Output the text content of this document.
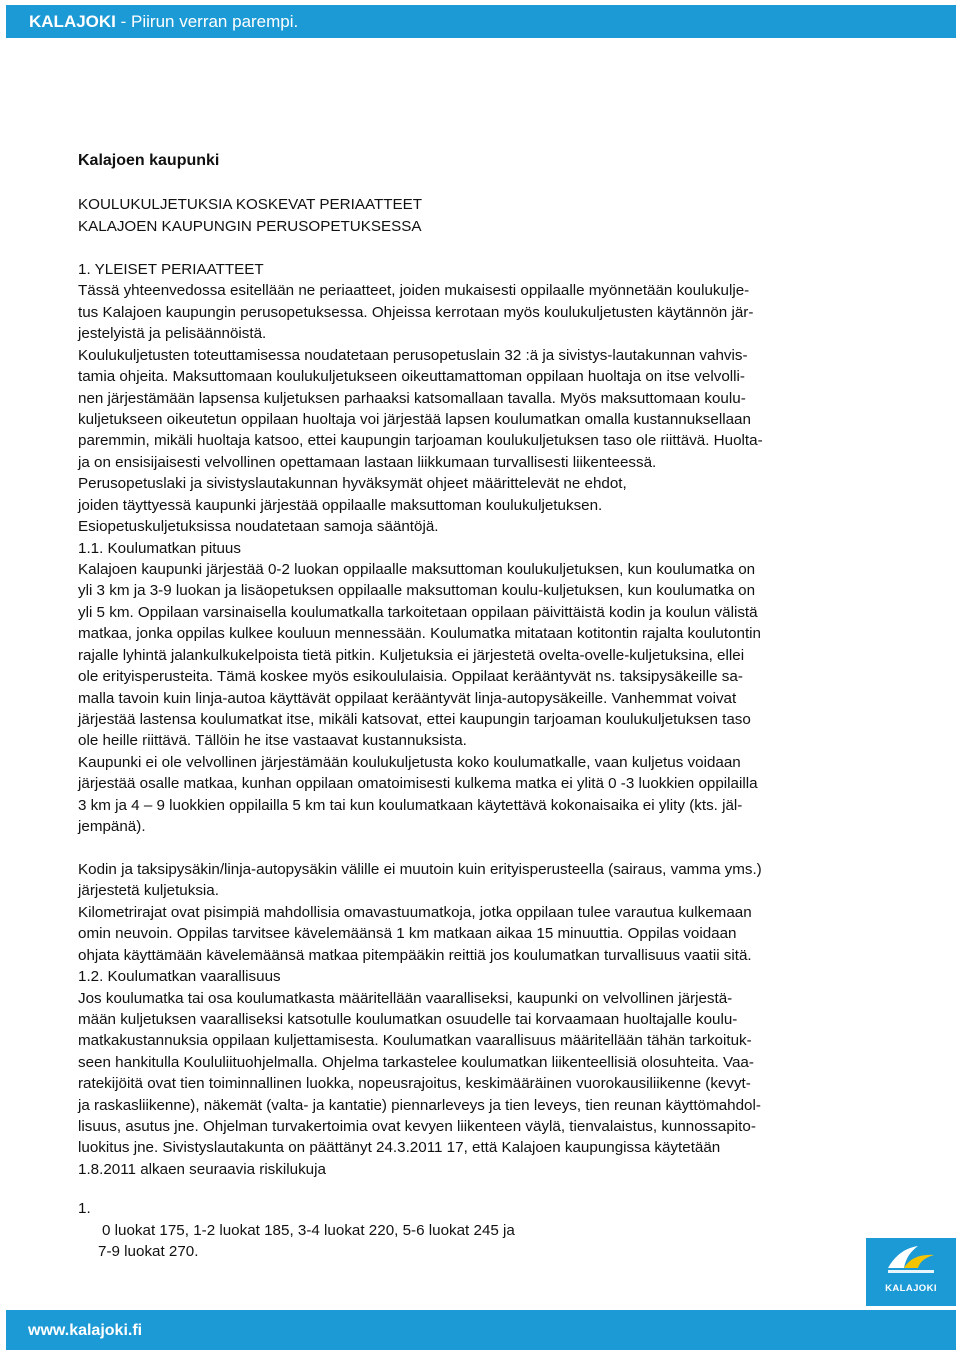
KALAJOKI - Piirun verran parempi.
Kalajoen kaupunki
KOULUKULJETUKSIA KOSKEVAT PERIAATTEET
KALAJOEN KAUPUNGIN PERUSOPETUKSESSA
1. YLEISET PERIAATTEET
Tässä yhteenvedossa esitellään ne periaatteet, joiden mukaisesti oppilaalle myönnetään koulukulje-
tus Kalajoen kaupungin perusopetuksessa. Ohjeissa kerrotaan myös koulukuljetusten käytännön jär-
jestelyistä ja pelisäännöistä.
Koulukuljetusten toteuttamisessa noudatetaan perusopetuslain 32 :ä ja sivistys-lautakunnan vahvis-
tamia ohjeita. Maksuttomaan koulukuljetukseen oikeuttamattoman oppilaan huoltaja on itse velvolli-
nen järjestämään lapsensa kuljetuksen parhaaksi katsomallaan tavalla. Myös maksuttomaan koulu-
kuljetukseen oikeutetun oppilaan huoltaja voi järjestää lapsen koulumatkan omalla kustannuksellaan
paremmin, mikäli huoltaja katsoo, ettei kaupungin tarjoaman koulukuljetuksen taso ole riittävä. Huolta-
ja on ensisijaisesti velvollinen opettamaan lastaan liikkumaan turvallisesti liikenteessä.
Perusopetuslaki ja sivistyslautakunnan hyväksymät ohjeet määrittelevät ne ehdot,
joiden täyttyessä kaupunki järjestää oppilaalle maksuttoman koulukuljetuksen.
Esiopetuskuljetuksissa noudatetaan samoja sääntöjä.
1.1. Koulumatkan pituus
Kalajoen kaupunki järjestää 0-2 luokan oppilaalle maksuttoman koulukuljetuksen, kun koulumatka on
yli 3 km ja 3-9 luokan ja lisäopetuksen oppilaalle maksuttoman koulu-kuljetuksen, kun koulumatka on
yli 5 km. Oppilaan varsinaisella koulumatkalla tarkoitetaan oppilaan päivittäistä kodin ja koulun välistä
matkaa, jonka oppilas kulkee kouluun mennessään. Koulumatka mitataan kotitontin rajalta koulutontin
rajalle lyhintä jalankulkukelpoista tietä pitkin. Kuljetuksia ei järjestetä ovelta-ovelle-kuljetuksina, ellei
ole erityisperusteita. Tämä koskee myös esikoululaisia. Oppilaat kerääntyvät ns. taksipysäkeille sa-
malla tavoin kuin linja-autoa käyttävät oppilaat kerääntyvät linja-autopysäkeille. Vanhemmat voivat
järjestää lastensa koulumatkat itse, mikäli katsovat, ettei kaupungin tarjoaman koulukuljetuksen taso
ole heille riittävä. Tällöin he itse vastaavat kustannuksista.
Kaupunki ei ole velvollinen järjestämään koulukuljetusta koko koulumatkalle, vaan kuljetus voidaan
järjestää osalle matkaa, kunhan oppilaan omatoimisesti kulkema matka ei ylitä 0 -3 luokkien oppilailla
3 km ja 4 – 9 luokkien oppilailla 5 km tai kun koulumatkaan käytettävä kokonaisaika ei ylity (kts. jäl-
jempänä).
Kodin ja taksipysäkin/linja-autopysäkin välille ei muutoin kuin erityisperusteella (sairaus, vamma yms.)
järjestetä kuljetuksia.
Kilometrirajat ovat pisimpiä mahdollisia omavastuumatkoja, jotka oppilaan tulee varautua kulkemaan
omin neuvoin. Oppilas tarvitsee kävelemäänsä 1 km matkaan aikaa 15 minuuttia. Oppilas voidaan
ohjata käyttämään kävelemäänsä matkaa pitempääkin reittiä jos koulumatkan turvallisuus vaatii sitä.
1.2. Koulumatkan vaarallisuus
Jos koulumatka tai osa koulumatkasta määritellään vaaralliseksi, kaupunki on velvollinen järjestä-
mään kuljetuksen vaaralliseksi katsotulle koulumatkan osuudelle tai korvaamaan huoltajalle koulu-
matkakustannuksia oppilaan kuljettamisesta. Koulumatkan vaarallisuus määritellään tähän tarkoituk-
seen hankitulla Koululiituohjelmalla. Ohjelma tarkastelee koulumatkan liikenteellisiä olosuhteita. Vaa-
ratekijöitä ovat tien toiminnallinen luokka, nopeusrajoitus, keskimääräinen vuorokausiliikenne (kevyt-
ja raskasliikenne), näkemät (valta- ja kantatie) piennarleveys ja tien leveys, tien reunan käyttömahdol-
lisuus, asutus jne. Ohjelman turvakertoimia ovat kevyen liikenteen väylä, tienvalaistus, kunnossapito-
luokitus jne. Sivistyslautakunta on päättänyt 24.3.2011 17, että Kalajoen kaupungissa käytetään
1.8.2011 alkaen seuraavia riskilukuja
1.
0 luokat 175, 1-2 luokat 185, 3-4 luokat 220, 5-6 luokat 245 ja
7-9 luokat 270.
KALAJOKI
www.kalajoki.fi
